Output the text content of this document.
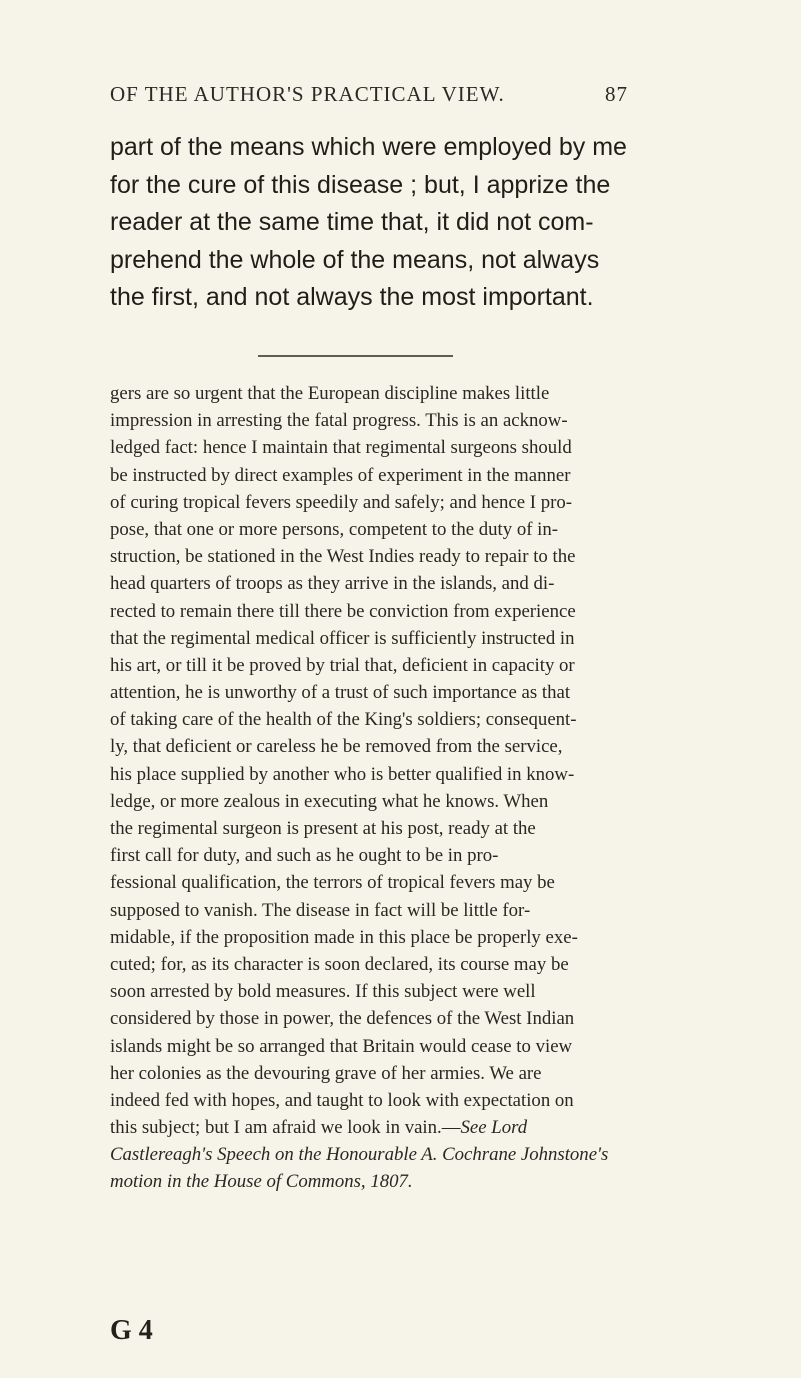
OF THE AUTHOR'S PRACTICAL VIEW.	87
part of the means which were employed by me
for the cure of this disease ; but, I apprize the
reader at the same time that, it did not com-
prehend the whole of the means, not always
the first, and not always the most important.
gers are so urgent that the European discipline makes little
impression in arresting the fatal progress. This is an acknow-
ledged fact: hence I maintain that regimental surgeons should
be instructed by direct examples of experiment in the manner
of curing tropical fevers speedily and safely; and hence I pro-
pose, that one or more persons, competent to the duty of in-
struction, be stationed in the West Indies ready to repair to the
head quarters of troops as they arrive in the islands, and di-
rected to remain there till there be conviction from experience
that the regimental medical officer is sufficiently instructed in
his art, or till it be proved by trial that, deficient in capacity or
attention, he is unworthy of a trust of such importance as that
of taking care of the health of the King's soldiers; consequent-
ly, that deficient or careless he be removed from the service,
his place supplied by another who is better qualified in know-
ledge, or more zealous in executing what he knows. When
the regimental surgeon is present at his post, ready at the
first call for duty, and such as he ought to be in pro-
fessional qualification, the terrors of tropical fevers may be
supposed to vanish. The disease in fact will be little for-
midable, if the proposition made in this place be properly exe-
cuted; for, as its character is soon declared, its course may be
soon arrested by bold measures. If this subject were well
considered by those in power, the defences of the West Indian
islands might be so arranged that Britain would cease to view
her colonies as the devouring grave of her armies. We are
indeed fed with hopes, and taught to look with expectation on
this subject; but I am afraid we look in vain.—See Lord
Castlereagh's Speech on the Honourable A. Cochrane Johnstone's
motion in the House of Commons, 1807.
G 4
